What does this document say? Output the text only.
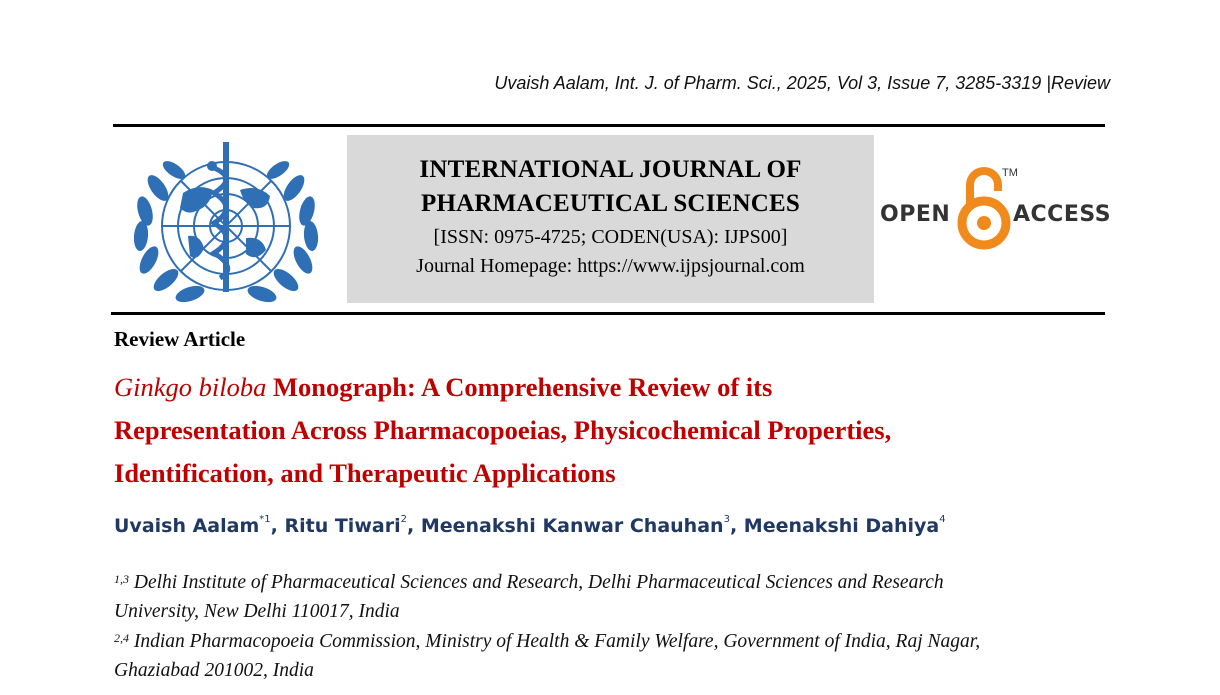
Uvaish Aalam, Int. J. of Pharm. Sci., 2025, Vol 3, Issue 7, 3285-3319 |Review
INTERNATIONAL JOURNAL OF
PHARMACEUTICAL SCIENCES
[ISSN: 0975-4725; CODEN(USA): IJPS00]
Journal Homepage: https://www.ijpsjournal.com
OPEN
TM
ACCESS
Review Article
Ginkgo biloba Monograph: A Comprehensive Review of its
Representation Across Pharmacopoeias, Physicochemical Properties,
Identification, and Therapeutic Applications
Uvaish Aalam$^{*1}$, Ritu Tiwari$^2$, Meenakshi Kanwar Chauhan$^3$, Meenakshi Dahiya$^4$
$^{1,3}$ Delhi Institute of Pharmaceutical Sciences and Research, Delhi Pharmaceutical Sciences and Research
University, New Delhi 110017, India
$^{2,4}$ Indian Pharmacopoeia Commission, Ministry of Health & Family Welfare, Government of India, Raj Nagar,
Ghaziabad 201002, India
